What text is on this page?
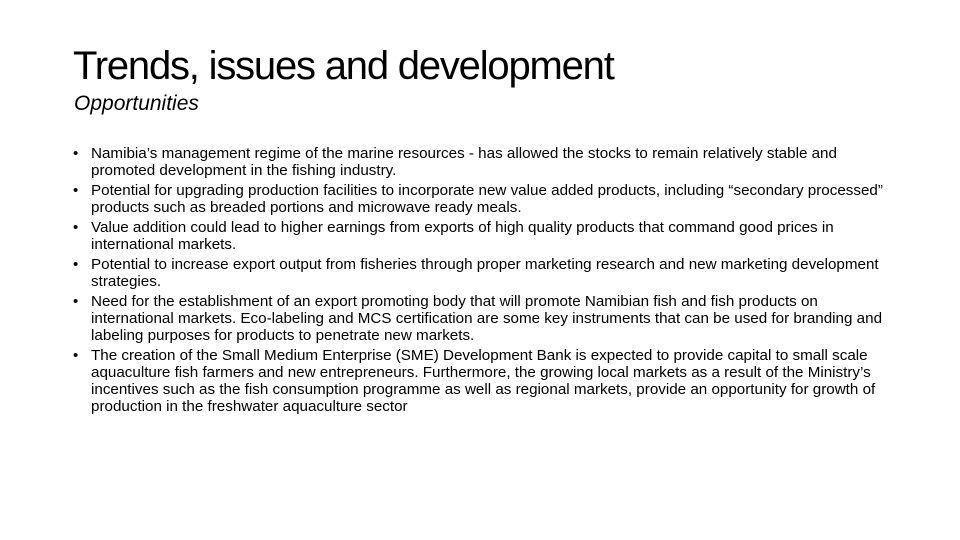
Trends, issues and development
Opportunities
• Namibia’s management regime of the marine resources - has allowed the stocks to remain relatively stable and promoted development in the fishing industry.
• Potential for upgrading production facilities to incorporate new value added products, including “secondary processed” products such as breaded portions and microwave ready meals.
• Value addition could lead to higher earnings from exports of high quality products that command good prices in international markets.
• Potential to increase export output from fisheries through proper marketing research and new marketing development strategies.
• Need for the establishment of an export promoting body that will promote Namibian fish and fish products on international markets. Eco-labeling and MCS certification are some key instruments that can be used for branding and labeling purposes for products to penetrate new markets.
• The creation of the Small Medium Enterprise (SME) Development Bank is expected to provide capital to small scale aquaculture fish farmers and new entrepreneurs. Furthermore, the growing local markets as a result of the Ministry’s incentives such as the fish consumption programme as well as regional markets, provide an opportunity for growth of production in the freshwater aquaculture sector
